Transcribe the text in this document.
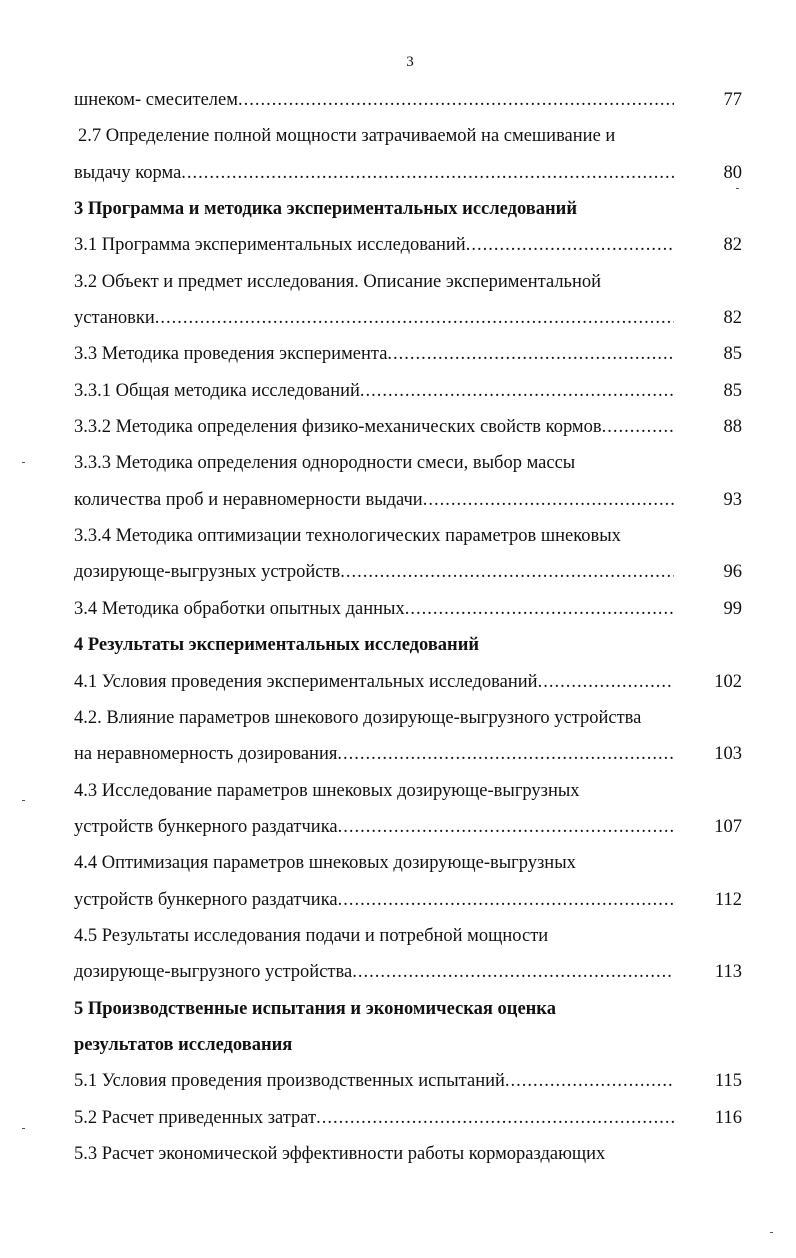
3
шнеком- смесителем .....	77
2.7 Определение полной мощности затрачиваемой на смешивание и
выдачу корма .....	80
3 Программа и методика экспериментальных исследований
3.1 Программа экспериментальных исследований .....	82
3.2 Объект и предмет исследования. Описание экспериментальной
установки .....	82
3.3 Методика проведения эксперимента .....	85
3.3.1 Общая методика исследований .....	85
3.3.2 Методика определения физико-механических свойств кормов .....	88
3.3.3 Методика определения однородности смеси, выбор массы
количества проб и неравномерности выдачи .....	93
3.3.4 Методика оптимизации технологических параметров шнековых
дозирующе-выгрузных устройств .....	96
3.4 Методика обработки опытных данных .....	99
4 Результаты экспериментальных исследований
4.1 Условия проведения экспериментальных исследований .....	102
4.2. Влияние параметров шнекового дозирующе-выгрузного устройства
на неравномерность дозирования .....	103
4.3 Исследование параметров шнековых дозирующе-выгрузных
устройств бункерного раздатчика .....	107
4.4 Оптимизация параметров шнековых дозирующе-выгрузных
устройств бункерного раздатчика .....	112
4.5 Результаты исследования подачи и потребной мощности
дозирующе-выгрузного устройства .....	113
5 Производственные испытания и экономическая оценка
результатов исследования
5.1 Условия проведения производственных испытаний .....	115
5.2 Расчет приведенных затрат .....	116
5.3 Расчет экономической эффективности работы кормораздающих
